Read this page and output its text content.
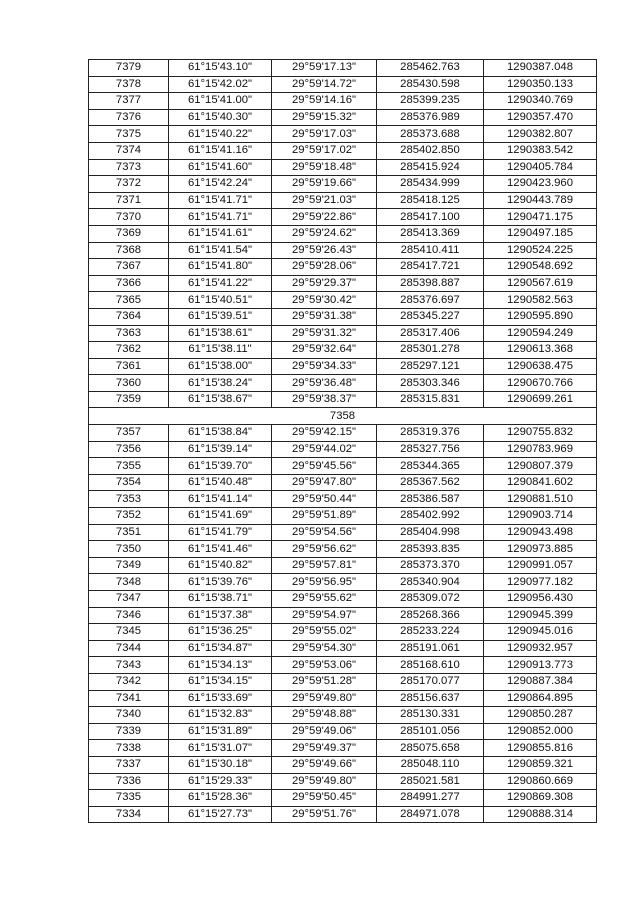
7379	61°15'43.10"	29°59'17.13"	285462.763	1290387.048
7378	61°15'42.02"	29°59'14.72"	285430.598	1290350.133
7377	61°15'41.00"	29°59'14.16"	285399.235	1290340.769
7376	61°15'40.30"	29°59'15.32"	285376.989	1290357.470
7375	61°15'40.22"	29°59'17.03"	285373.688	1290382.807
7374	61°15'41.16"	29°59'17.02"	285402.850	1290383.542
7373	61°15'41.60"	29°59'18.48"	285415.924	1290405.784
7372	61°15'42.24"	29°59'19.66"	285434.999	1290423.960
7371	61°15'41.71"	29°59'21.03"	285418.125	1290443.789
7370	61°15'41.71"	29°59'22.86"	285417.100	1290471.175
7369	61°15'41.61"	29°59'24.62"	285413.369	1290497.185
7368	61°15'41.54"	29°59'26.43"	285410.411	1290524.225
7367	61°15'41.80"	29°59'28.06"	285417.721	1290548.692
7366	61°15'41.22"	29°59'29.37"	285398.887	1290567.619
7365	61°15'40.51"	29°59'30.42"	285376.697	1290582.563
7364	61°15'39.51"	29°59'31.38"	285345.227	1290595.890
7363	61°15'38.61"	29°59'31.32"	285317.406	1290594.249
7362	61°15'38.11"	29°59'32.64"	285301.278	1290613.368
7361	61°15'38.00"	29°59'34.33"	285297.121	1290638.475
7360	61°15'38.24"	29°59'36.48"	285303.346	1290670.766
7359	61°15'38.67"	29°59'38.37"	285315.831	1290699.261
7358				
7357	61°15'38.84"	29°59'42.15"	285319.376	1290755.832
7356	61°15'39.14"	29°59'44.02"	285327.756	1290783.969
7355	61°15'39.70"	29°59'45.56"	285344.365	1290807.379
7354	61°15'40.48"	29°59'47.80"	285367.562	1290841.602
7353	61°15'41.14"	29°59'50.44"	285386.587	1290881.510
7352	61°15'41.69"	29°59'51.89"	285402.992	1290903.714
7351	61°15'41.79"	29°59'54.56"	285404.998	1290943.498
7350	61°15'41.46"	29°59'56.62"	285393.835	1290973.885
7349	61°15'40.82"	29°59'57.81"	285373.370	1290991.057
7348	61°15'39.76"	29°59'56.95"	285340.904	1290977.182
7347	61°15'38.71"	29°59'55.62"	285309.072	1290956.430
7346	61°15'37.38"	29°59'54.97"	285268.366	1290945.399
7345	61°15'36.25"	29°59'55.02"	285233.224	1290945.016
7344	61°15'34.87"	29°59'54.30"	285191.061	1290932.957
7343	61°15'34.13"	29°59'53.06"	285168.610	1290913.773
7342	61°15'34.15"	29°59'51.28"	285170.077	1290887.384
7341	61°15'33.69"	29°59'49.80"	285156.637	1290864.895
7340	61°15'32.83"	29°59'48.88"	285130.331	1290850.287
7339	61°15'31.89"	29°59'49.06"	285101.056	1290852.000
7338	61°15'31.07"	29°59'49.37"	285075.658	1290855.816
7337	61°15'30.18"	29°59'49.66"	285048.110	1290859.321
7336	61°15'29.33"	29°59'49.80"	285021.581	1290860.669
7335	61°15'28.36"	29°59'50.45"	284991.277	1290869.308
7334	61°15'27.73"	29°59'51.76"	284971.078	1290888.314
